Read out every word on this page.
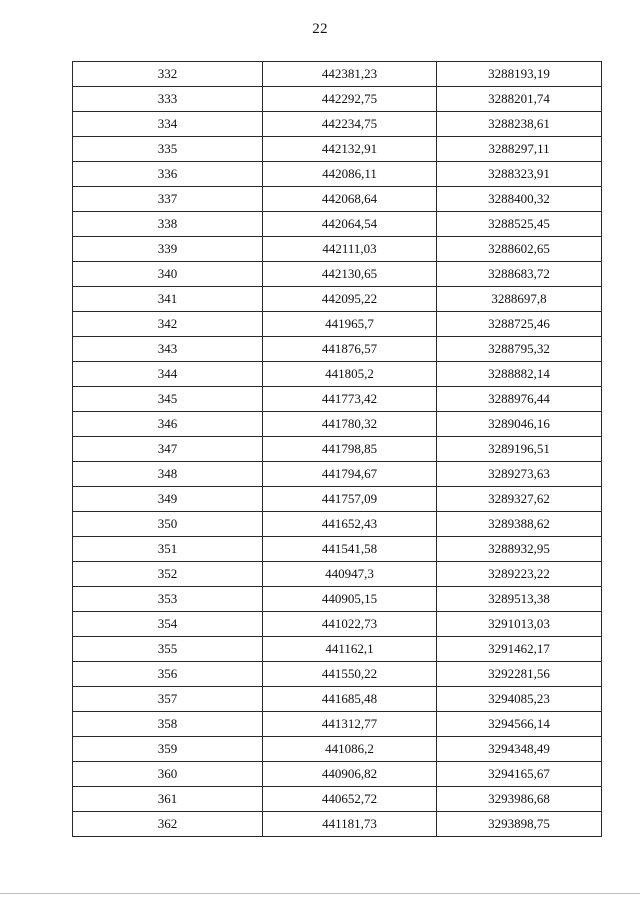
22
332	442381,23	3288193,19
333	442292,75	3288201,74
334	442234,75	3288238,61
335	442132,91	3288297,11
336	442086,11	3288323,91
337	442068,64	3288400,32
338	442064,54	3288525,45
339	442111,03	3288602,65
340	442130,65	3288683,72
341	442095,22	3288697,8
342	441965,7	3288725,46
343	441876,57	3288795,32
344	441805,2	3288882,14
345	441773,42	3288976,44
346	441780,32	3289046,16
347	441798,85	3289196,51
348	441794,67	3289273,63
349	441757,09	3289327,62
350	441652,43	3289388,62
351	441541,58	3288932,95
352	440947,3	3289223,22
353	440905,15	3289513,38
354	441022,73	3291013,03
355	441162,1	3291462,17
356	441550,22	3292281,56
357	441685,48	3294085,23
358	441312,77	3294566,14
359	441086,2	3294348,49
360	440906,82	3294165,67
361	440652,72	3293986,68
362	441181,73	3293898,75
